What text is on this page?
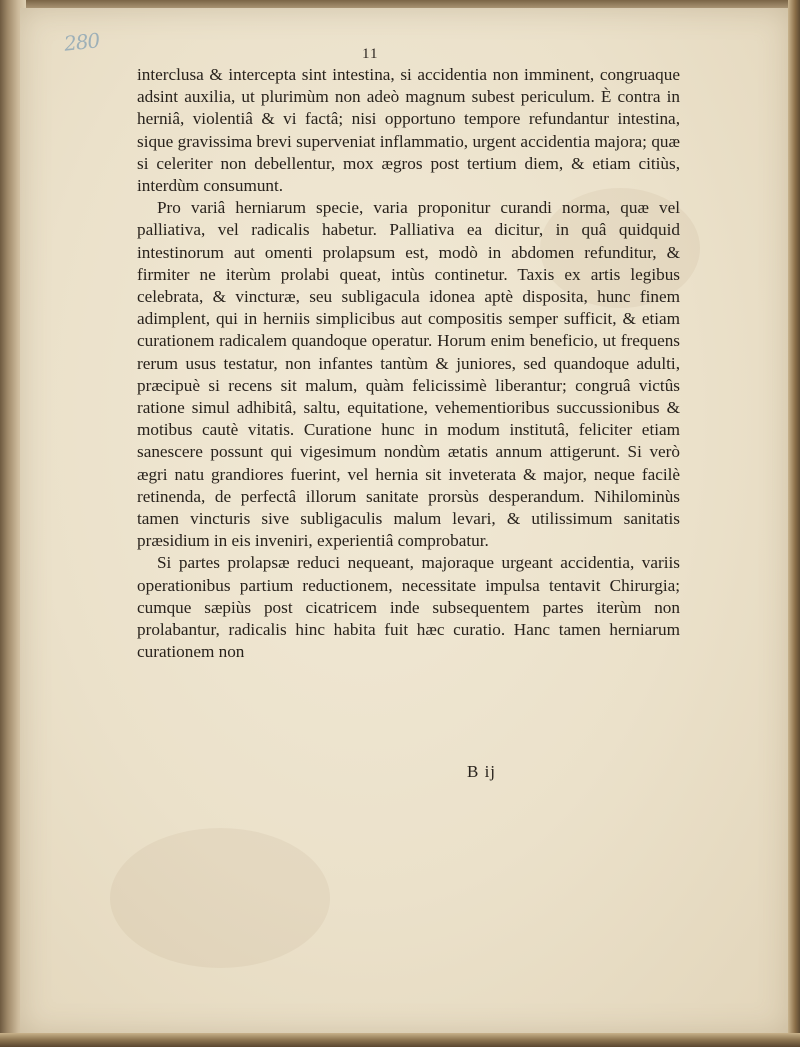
280	11

interclusa & intercepta sint intestina, si accidentia non imminent, congruaque adsint auxilia, ut plurimùm non adeò magnum subest periculum. È contra in herniâ, violentiâ & vi factâ; nisi opportuno tempore refundantur intestina, sique gravissima brevi superveniat inflammatio, urgent accidentia majora; quæ si celeriter non debellentur, mox ægros post tertium diem, & etiam citiùs, interdùm consumunt.

Pro variâ herniarum specie, varia proponitur curandi norma, quæ vel palliativa, vel radicalis habetur. Palliativa ea dicitur, in quâ quidquid intestinorum aut omenti prolapsum est, modò in abdomen refunditur, & firmiter ne iterùm prolabi queat, intùs continetur. Taxis ex artis legibus celebrata, & vincturæ, seu subligacula idonea aptè disposita, hunc finem adimplent, qui in herniis simplicibus aut compositis semper sufficit, & etiam curationem radicalem quandoque operatur. Horum enim beneficio, ut frequens rerum usus testatur, non infantes tantùm & juniores, sed quandoque adulti, præcipuè si recens sit malum, quàm felicissimè liberantur; congruâ victûs ratione simul adhibitâ, saltu, equitatione, vehementioribus succussionibus & motibus cautè vitatis. Curatione hunc in modum institutâ, feliciter etiam sanescere possunt qui vigesimum nondùm ætatis annum attigerunt. Si verò ægri natu grandiores fuerint, vel hernia sit inveterata & major, neque facilè retinenda, de perfectâ illorum sanitate prorsùs desperandum. Nihilominùs tamen vincturis sive subligaculis malum levari, & utilissimum sanitatis præsidium in eis inveniri, experientiâ comprobatur.

Si partes prolapsæ reduci nequeant, majoraque urgeant accidentia, variis operationibus partium reductionem, necessitate impulsa tentavit Chirurgia; cumque sæpiùs post cicatricem inde subsequentem partes iterùm non prolabantur, radicalis hinc habita fuit hæc curatio. Hanc tamen herniarum curationem non

B ij
